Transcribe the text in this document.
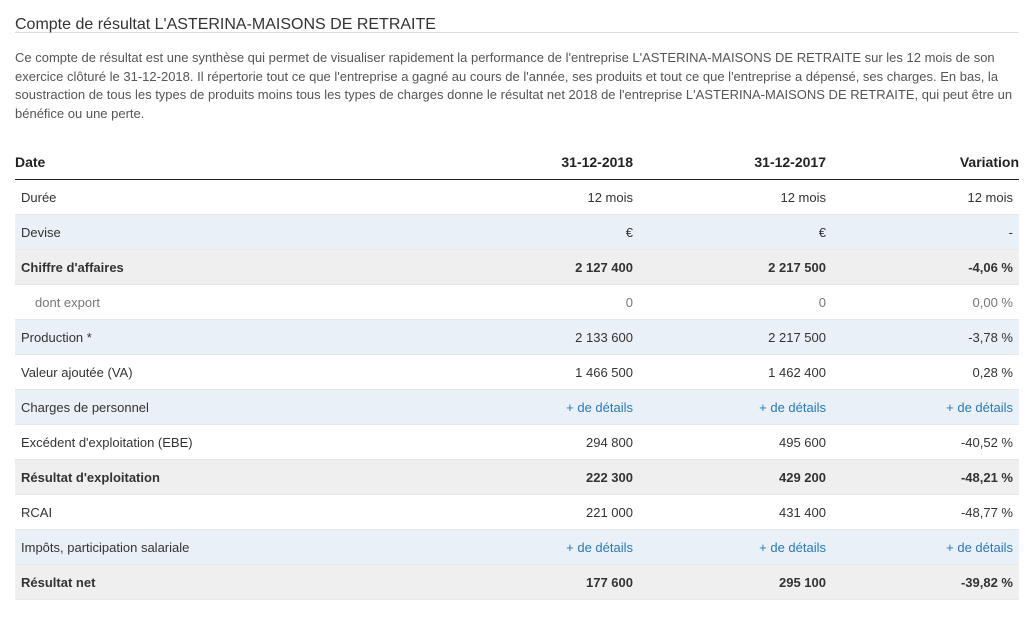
Compte de résultat L'ASTERINA-MAISONS DE RETRAITE
Ce compte de résultat est une synthèse qui permet de visualiser rapidement la performance de l'entreprise L'ASTERINA-MAISONS DE RETRAITE sur les 12 mois de son exercice clôturé le 31-12-2018. Il répertorie tout ce que l'entreprise a gagné au cours de l'année, ses produits et tout ce que l'entreprise a dépensé, ses charges. En bas, la soustraction de tous les types de produits moins tous les types de charges donne le résultat net 2018 de l'entreprise L'ASTERINA-MAISONS DE RETRAITE, qui peut être un bénéfice ou une perte.
Date	31-12-2018	31-12-2017	Variation
Durée	12 mois	12 mois	12 mois
Devise	€	€	-
Chiffre d'affaires	2 127 400	2 217 500	-4,06 %
dont export	0	0	0,00 %
Production *	2 133 600	2 217 500	-3,78 %
Valeur ajoutée (VA)	1 466 500	1 462 400	0,28 %
Charges de personnel	+ de détails	+ de détails	+ de détails
Excédent d'exploitation (EBE)	294 800	495 600	-40,52 %
Résultat d'exploitation	222 300	429 200	-48,21 %
RCAI	221 000	431 400	-48,77 %
Impôts, participation salariale	+ de détails	+ de détails	+ de détails
Résultat net	177 600	295 100	-39,82 %
